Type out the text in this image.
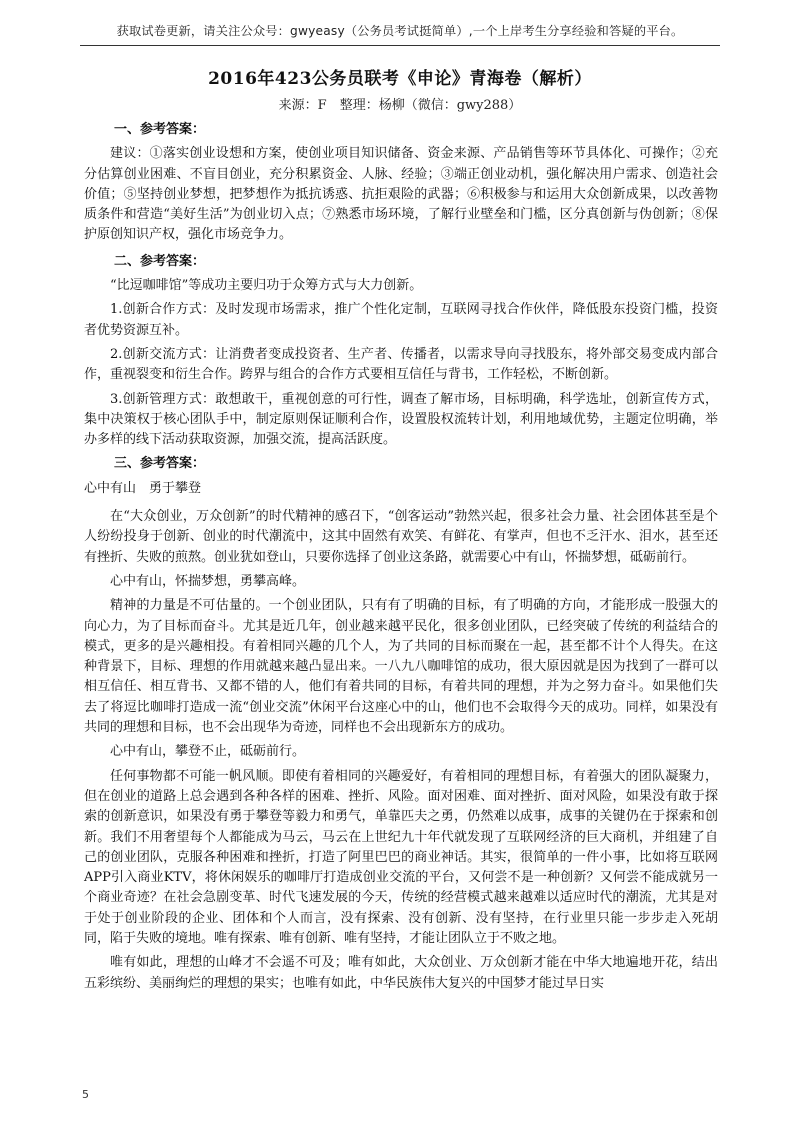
获取试卷更新，请关注公众号：gwyeasy（公务员考试挺简单）,一个上岸考生分享经验和答疑的平台。
2016年423公务员联考《申论》青海卷（解析）
来源：F　整理：杨柳（微信：gwy288）
一、参考答案：

建议：①落实创业设想和方案，使创业项目知识储备、资金来源、产品销售等环节具体化、可操作；②充分估算创业困难、不盲目创业，充分积累资金、人脉、经验；③端正创业动机，强化解决用户需求、创造社会价值；⑤坚持创业梦想，把梦想作为抵抗诱惑、抗拒艰险的武器；⑥积极参与和运用大众创新成果，以改善物质条件和营造“美好生活”为创业切入点；⑦熟悉市场环境，了解行业壁垒和门槛，区分真创新与伪创新；⑧保护原创知识产权，强化市场竞争力。

二、参考答案：

“比逗咖啡馆”等成功主要归功于众筹方式与大力创新。

1.创新合作方式：及时发现市场需求，推广个性化定制，互联网寻找合作伙伴，降低股东投资门槛，投资者优势资源互补。

2.创新交流方式：让消费者变成投资者、生产者、传播者，以需求导向寻找股东，将外部交易变成内部合作，重视裂变和衍生合作。跨界与组合的合作方式要相互信任与背书，工作轻松，不断创新。

3.创新管理方式：敢想敢干，重视创意的可行性，调查了解市场，目标明确，科学选址，创新宣传方式，集中决策权于核心团队手中，制定原则保证顺利合作，设置股权流转计划，利用地域优势，主题定位明确，举办多样的线下活动获取资源，加强交流，提高活跃度。

三、参考答案：

心中有山　勇于攀登

在“大众创业，万众创新”的时代精神的感召下，“创客运动”勃然兴起，很多社会力量、社会团体甚至是个人纷纷投身于创新、创业的时代潮流中，这其中固然有欢笑、有鲜花、有掌声，但也不乏汗水、泪水，甚至还有挫折、失败的煎熬。创业犹如登山，只要你选择了创业这条路，就需要心中有山，怀揣梦想，砥砺前行。

心中有山，怀揣梦想，勇攀高峰。

精神的力量是不可估量的。一个创业团队，只有有了明确的目标，有了明确的方向，才能形成一股强大的向心力，为了目标而奋斗。尤其是近几年，创业越来越平民化，很多创业团队，已经突破了传统的利益结合的模式，更多的是兴趣相投。有着相同兴趣的几个人，为了共同的目标而聚在一起，甚至都不计个人得失。在这种背景下，目标、理想的作用就越来越凸显出来。一八九八咖啡馆的成功，很大原因就是因为找到了一群可以相互信任、相互背书、又都不错的人，他们有着共同的目标，有着共同的理想，并为之努力奋斗。如果他们失去了将逗比咖啡打造成一流“创业交流”休闲平台这座心中的山，他们也不会取得今天的成功。同样，如果没有共同的理想和目标，也不会出现华为奇迹，同样也不会出现新东方的成功。

心中有山，攀登不止，砥砺前行。

任何事物都不可能一帆风顺。即使有着相同的兴趣爱好，有着相同的理想目标，有着强大的团队凝聚力，但在创业的道路上总会遇到各种各样的困难、挫折、风险。面对困难、面对挫折、面对风险，如果没有敢于探索的创新意识，如果没有勇于攀登等毅力和勇气，单靠匹夫之勇，仍然难以成事，成事的关键仍在于探索和创新。我们不用奢望每个人都能成为马云，马云在上世纪九十年代就发现了互联网经济的巨大商机，并组建了自己的创业团队，克服各种困难和挫折，打造了阿里巴巴的商业神话。其实，很简单的一件小事，比如将互联网APP引入商业KTV，将休闲娱乐的咖啡厅打造成创业交流的平台，又何尝不是一种创新？又何尝不能成就另一个商业奇迹？在社会急剧变革、时代飞速发展的今天，传统的经营模式越来越难以适应时代的潮流，尤其是对于处于创业阶段的企业、团体和个人而言，没有探索、没有创新、没有坚持，在行业里只能一步步走入死胡同，陷于失败的境地。唯有探索、唯有创新、唯有坚持，才能让团队立于不败之地。

唯有如此，理想的山峰才不会遥不可及；唯有如此，大众创业、万众创新才能在中华大地遍地开花，结出五彩缤纷、美丽绚烂的理想的果实；也唯有如此，中华民族伟大复兴的中国梦才能过早日实

5
